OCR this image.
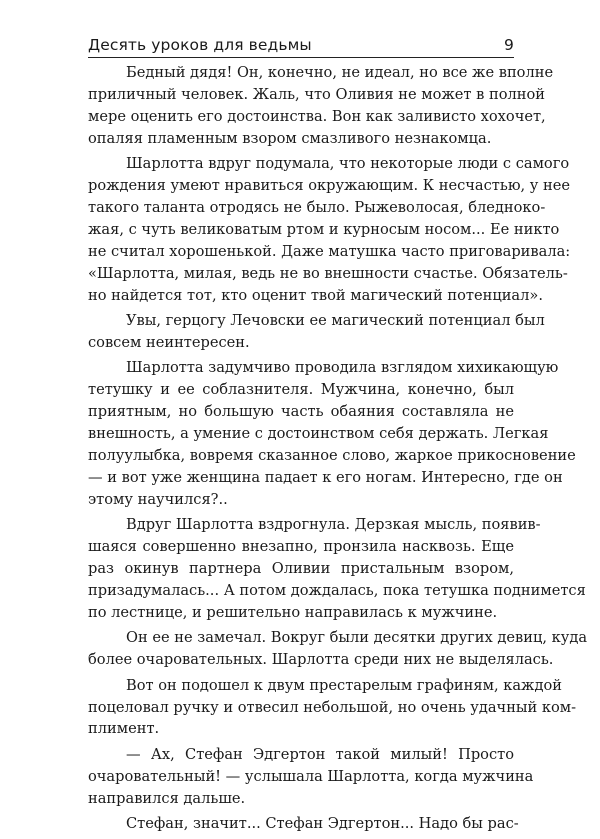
Десять уроков для ведьмы	9
Бедный дядя! Он, конечно, не идеал, но все же вполне
приличный человек. Жаль, что Оливия не может в полной
мере оценить его достоинства. Вон как заливисто хохочет,
опаляя пламенным взором смазливого незнакомца.
Шарлотта вдруг подумала, что некоторые люди с самого
рождения умеют нравиться окружающим. К несчастью, у нее
такого таланта отродясь не было. Рыжеволосая, бледноко-
жая, с чуть великоватым ртом и курносым носом... Ее никто
не считал хорошенькой. Даже матушка часто приговаривала:
«Шарлотта, милая, ведь не во внешности счастье. Обязатель-
но найдется тот, кто оценит твой магический потенциал».
Увы, герцогу Лечовски ее магический потенциал был
совсем неинтересен.
Шарлотта задумчиво проводила взглядом хихикающую
тетушку и ее соблазнителя. Мужчина, конечно, был
приятным, но большую часть обаяния составляла не
внешность, а умение с достоинством себя держать. Легкая
полуулыбка, вовремя сказанное слово, жаркое прикосновение
— и вот уже женщина падает к его ногам. Интересно, где он
этому научился?..
Вдруг Шарлотта вздрогнула. Дерзкая мысль, появив-
шаяся совершенно внезапно, пронзила насквозь. Еще
раз окинув партнера Оливии пристальным взором,
призадумалась... А потом дождалась, пока тетушка поднимется
по лестнице, и решительно направилась к мужчине.
Он ее не замечал. Вокруг были десятки других девиц, куда
более очаровательных. Шарлотта среди них не выделялась.
Вот он подошел к двум престарелым графиням, каждой
поцеловал ручку и отвесил небольшой, но очень удачный ком-
плимент.
— Ах, Стефан Эдгертон такой милый! Просто
очаровательный! — услышала Шарлотта, когда мужчина
направился дальше.
Стефан, значит... Стефан Эдгертон... Надо бы рас-
